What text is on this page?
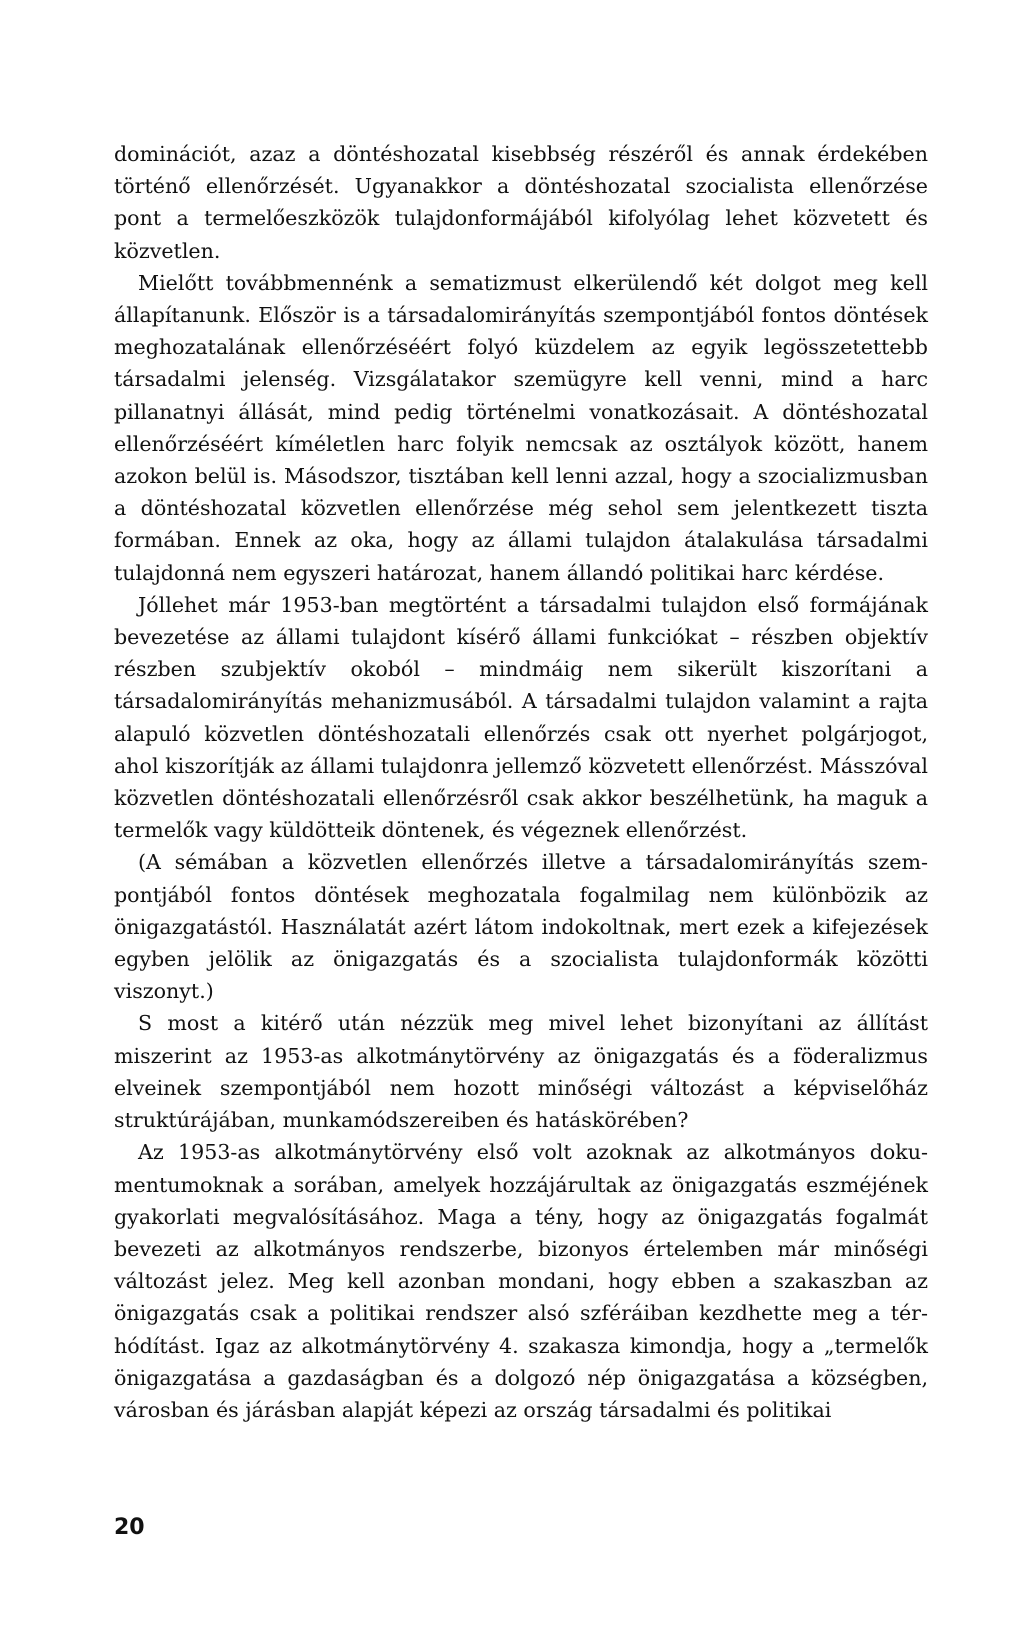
dominációt, azaz a döntéshozatal kisebbség részéről és annak érdekében történő ellenőrzését. Ugyanakkor a döntéshozatal szocialista ellenőrzése pont a termelőeszközök tulajdonformájából kifolyólag lehet közvetett és közvetlen.

Mielőtt továbbmennénk a sematizmust elkerülendő két dolgot meg kell állapítanunk. Először is a társadalomirányítás szempontjából fontos döntések meghozatalának ellenőrzéséért folyó küzdelem az egyik legösszetettebb társadalmi jelenség. Vizsgálatakor szemügyre kell venni, mind a harc pillanatnyi állását, mind pedig történelmi vonatkozásait. A döntéshozatal ellenőrzéséért kíméletlen harc folyik nemcsak az osztályok között, hanem azokon belül is. Másodszor, tisztában kell lenni azzal, hogy a szocializmusban a döntéshozatal közvetlen ellenőrzése még sehol sem jelentkezett tiszta formában. Ennek az oka, hogy az állami tulajdon átalakulása társadalmi tulajdonná nem egyszeri határozat, hanem állandó politikai harc kérdése.

Jóllehet már 1953-ban megtörtént a társadalmi tulajdon első formájának bevezetése az állami tulajdont kísérő állami funkciókat – részben objektív részben szubjektív okoból – mindmáig nem sikerült kiszorítani a társadalomirányítás mehanizmusából. A társadalmi tulajdon valamint a rajta alapuló közvetlen döntéshozatali ellenőrzés csak ott nyerhet polgárjogot, ahol kiszorítják az állami tulajdonra jellemző közvetett ellenőrzést. Másszóval közvetlen döntéshozatali ellenőrzésről csak akkor beszélhetünk, ha maguk a termelők vagy küldötteik döntenek, és végeznek ellenőrzést.

(A sémában a közvetlen ellenőrzés illetve a társadalomirányítás szempontjából fontos döntések meghozatala fogalmilag nem különbözik az önigazgatástól. Használatát azért látom indokoltnak, mert ezek a kifejezések egyben jelölik az önigazgatás és a szocialista tulajdonformák közötti viszonyt.)

S most a kitérő után nézzük meg mivel lehet bizonyítani az állítást miszerint az 1953-as alkotmánytörvény az önigazgatás és a föderalizmus elveinek szempontjából nem hozott minőségi változást a képviselőház struktúrájában, munkamódszereiben és hatáskörében?

Az 1953-as alkotmánytörvény első volt azoknak az alkotmányos dokumentumoknak a sorában, amelyek hozzájárultak az önigazgatás eszméjének gyakorlati megvalósításához. Maga a tény, hogy az önigazgatás fogalmát bevezeti az alkotmányos rendszerbe, bizonyos értelemben már minőségi változást jelez. Meg kell azonban mondani, hogy ebben a szakaszban az önigazgatás csak a politikai rendszer alsó szféráiban kezdhette meg a térhódítást. Igaz az alkotmánytörvény 4. szakasza kimondja, hogy a „termelők önigazgatása a gazdaságban és a dolgozó nép önigazgatása a községben, városban és járásban alapját képezi az ország társadalmi és politikai

20
